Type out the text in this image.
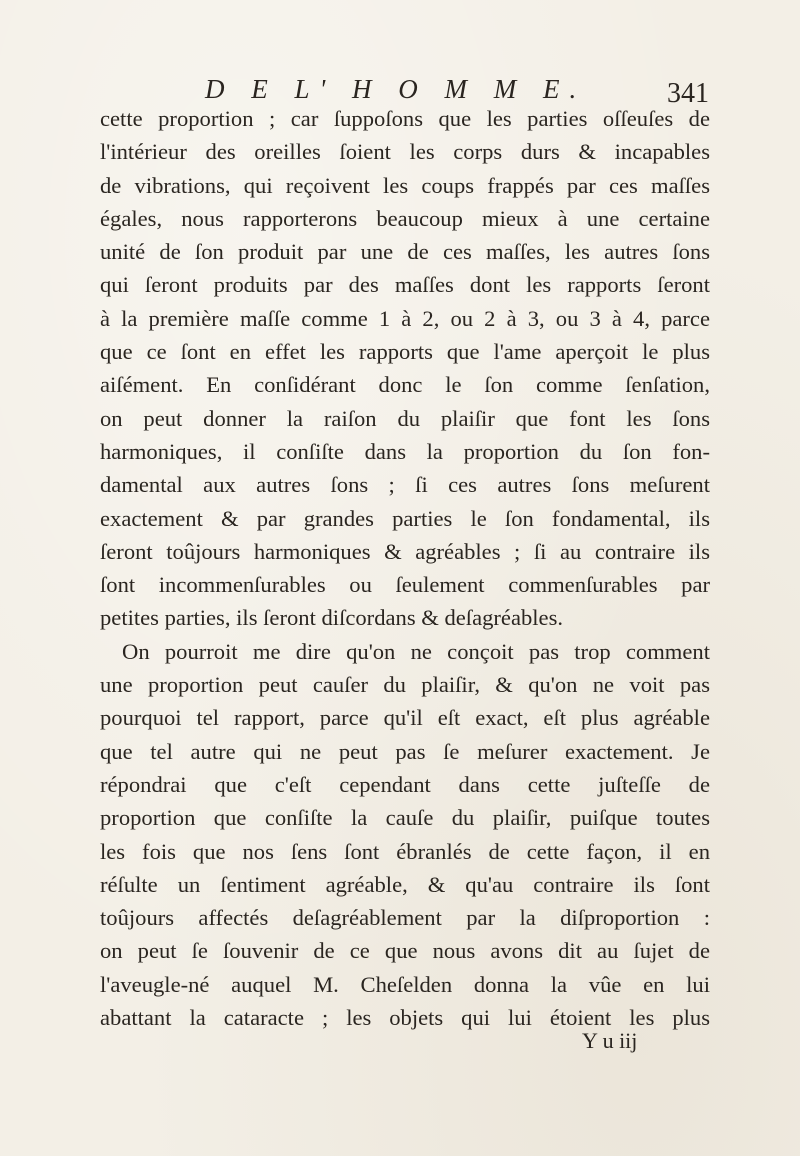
D E L' H O M M E.	341
cette proportion ; car ſuppoſons que les parties oſſeuſes de
l'intérieur des oreilles ſoient les corps durs & incapables
de vibrations, qui reçoivent les coups frappés par ces maſſes
égales, nous rapporterons beaucoup mieux à une certaine
unité de ſon produit par une de ces maſſes, les autres ſons
qui ſeront produits par des maſſes dont les rapports ſeront
à la première maſſe comme 1 à 2, ou 2 à 3, ou 3 à 4, parce
que ce ſont en effet les rapports que l'ame aperçoit le plus
aiſément. En conſidérant donc le ſon comme ſenſation,
on peut donner la raiſon du plaiſir que font les ſons
harmoniques, il conſiſte dans la proportion du ſon fon-
damental aux autres ſons ; ſi ces autres ſons meſurent
exactement & par grandes parties le ſon fondamental, ils
ſeront toûjours harmoniques & agréables ; ſi au contraire ils
ſont incommenſurables ou ſeulement commenſurables par
petites parties, ils ſeront diſcordans & deſagréables.
On pourroit me dire qu'on ne conçoit pas trop comment
une proportion peut cauſer du plaiſir, & qu'on ne voit pas
pourquoi tel rapport, parce qu'il eſt exact, eſt plus agréable
que tel autre qui ne peut pas ſe meſurer exactement. Je
répondrai que c'eſt cependant dans cette juſteſſe de
proportion que conſiſte la cauſe du plaiſir, puiſque toutes
les fois que nos ſens ſont ébranlés de cette façon, il en
réſulte un ſentiment agréable, & qu'au contraire ils ſont
toûjours affectés deſagréablement par la diſproportion :
on peut ſe ſouvenir de ce que nous avons dit au ſujet de
l'aveugle-né auquel M. Cheſelden donna la vûe en lui
abattant la cataracte ; les objets qui lui étoient les plus
Y u iij
